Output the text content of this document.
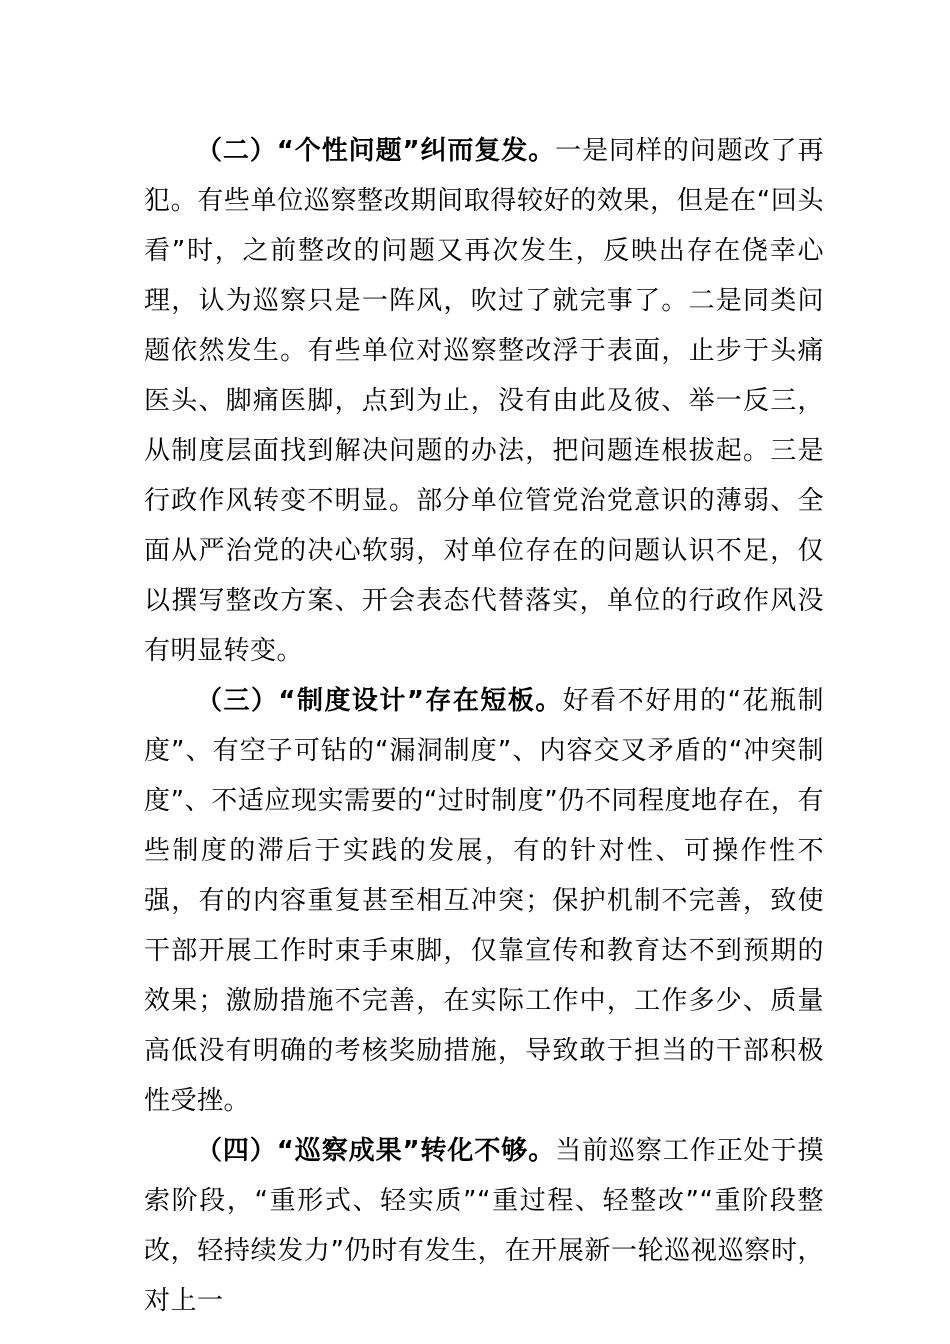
（二）“个性问题”纠而复发。一是同样的问题改了再犯。有些单位巡察整改期间取得较好的效果，但是在“回头看”时，之前整改的问题又再次发生，反映出存在侥幸心理，认为巡察只是一阵风，吹过了就完事了。二是同类问题依然发生。有些单位对巡察整改浮于表面，止步于头痛医头、脚痛医脚，点到为止，没有由此及彼、举一反三，从制度层面找到解决问题的办法，把问题连根拔起。三是行政作风转变不明显。部分单位管党治党意识的薄弱、全面从严治党的决心软弱，对单位存在的问题认识不足，仅以撰写整改方案、开会表态代替落实，单位的行政作风没有明显转变。

（三）“制度设计”存在短板。好看不好用的“花瓶制度”、有空子可钻的“漏洞制度”、内容交叉矛盾的“冲突制度”、不适应现实需要的“过时制度”仍不同程度地存在，有些制度的滞后于实践的发展，有的针对性、可操作性不强，有的内容重复甚至相互冲突；保护机制不完善，致使干部开展工作时束手束脚，仅靠宣传和教育达不到预期的效果；激励措施不完善，在实际工作中，工作多少、质量高低没有明确的考核奖励措施，导致敢于担当的干部积极性受挫。

（四）“巡察成果”转化不够。当前巡察工作正处于摸索阶段，“重形式、轻实质”“重过程、轻整改”“重阶段整改，轻持续发力”仍时有发生，在开展新一轮巡视巡察时，对上一
